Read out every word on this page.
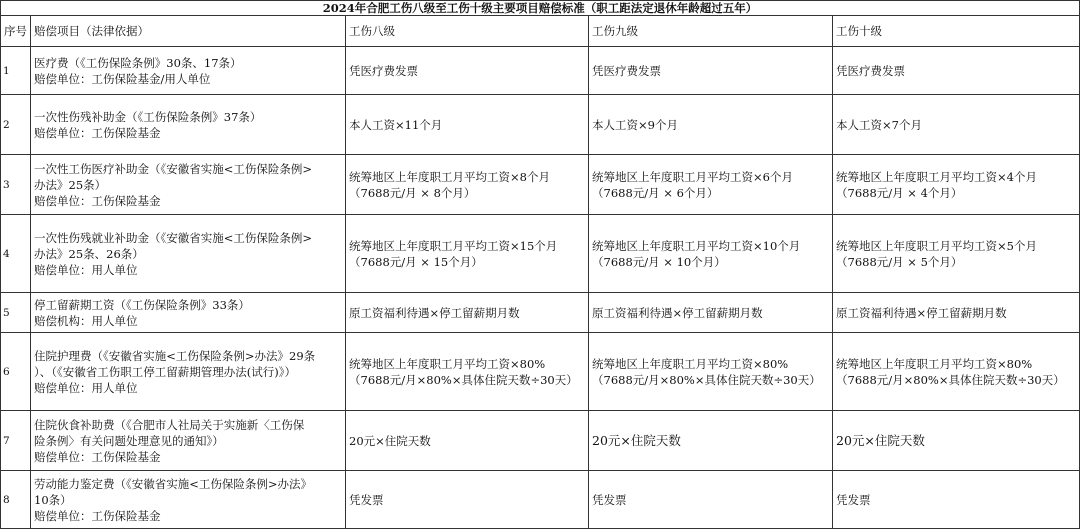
2024年合肥工伤八级至工伤十级主要项目赔偿标准（职工距法定退休年龄超过五年）				
序号	赔偿项目（法律依据）	工伤八级	工伤九级	工伤十级
1	医疗费（《工伤保险条例》30条、17条）
赔偿单位：工伤保险基金/用人单位	凭医疗费发票	凭医疗费发票	凭医疗费发票

2	一次性伤残补助金（《工伤保险条例》37条）
赔偿单位：工伤保险基金	本人工资×11个月	本人工资×9个月	本人工资×7个月

3	一次性工伤医疗补助金（《安徽省实施<工伤保险条例>
办法》25条）
赔偿单位：工伤保险基金	统筹地区上年度职工月平均工资×8个月
（7688元/月 × 8个月）	统筹地区上年度职工月平均工资×6个月
（7688元/月 × 6个月）	统筹地区上年度职工月平均工资×4个月
（7688元/月 × 4个月）

4	一次性伤残就业补助金（《安徽省实施<工伤保险条例>
办法》25条、26条）
赔偿单位：用人单位	统筹地区上年度职工月平均工资×15个月
（7688元/月 × 15个月）	统筹地区上年度职工月平均工资×10个月
（7688元/月 × 10个月）	统筹地区上年度职工月平均工资×5个月
（7688元/月 × 5个月）

5	停工留薪期工资（《工伤保险条例》33条）
赔偿机构：用人单位	原工资福利待遇×停工留薪期月数	原工资福利待遇×停工留薪期月数	原工资福利待遇×停工留薪期月数

6	住院护理费（《安徽省实施<工伤保险条例>办法》29条
）、（《安徽省工伤职工停工留薪期管理办法(试行)》）
赔偿单位：用人单位	统筹地区上年度职工月平均工资×80%
（7688元/月×80%×具体住院天数÷30天）	统筹地区上年度职工月平均工资×80%
（7688元/月×80%×具体住院天数÷30天）	统筹地区上年度职工月平均工资×80%
（7688元/月×80%×具体住院天数÷30天）

7	住院伙食补助费（《合肥市人社局关于实施新〈工伤保
险条例〉有关问题处理意见的通知》）
赔偿单位：工伤保险基金	20元×住院天数	20元×住院天数	20元×住院天数

8	劳动能力鉴定费（《安徽省实施<工伤保险条例>办法》
10条）
赔偿单位：工伤保险基金	凭发票	凭发票	凭发票
